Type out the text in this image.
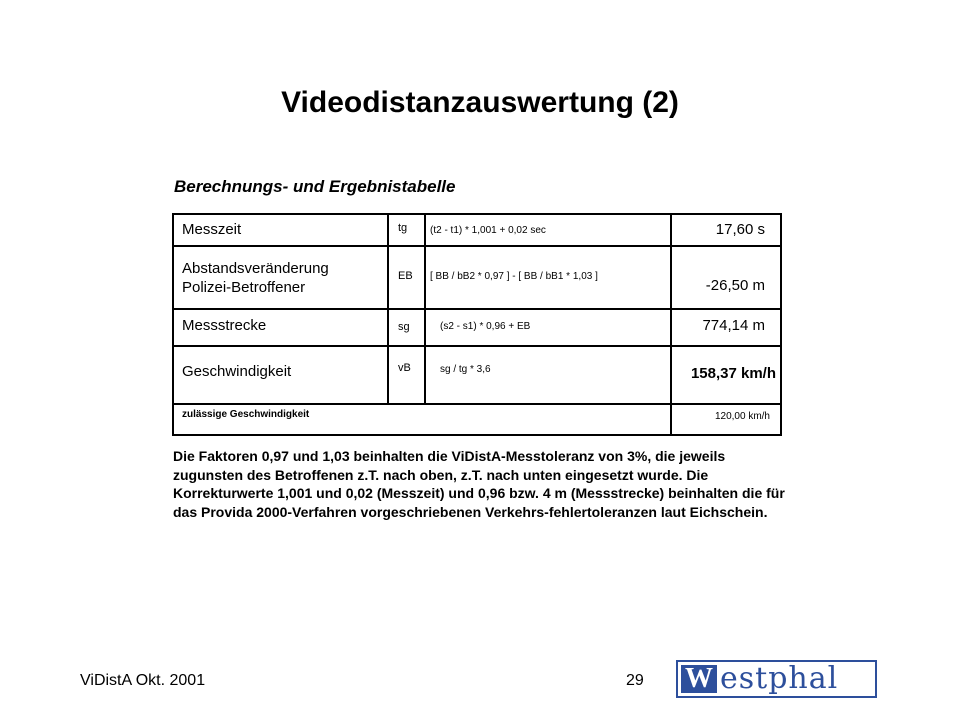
Videodistanzauswertung (2)
Berechnungs- und Ergebnistabelle
Messzeit
Abstandsveränderung
Polizei-Betroffener
Messstrecke
Geschwindigkeit
tg
EB
sg
vB
(t2 - t1) * 1,001 + 0,02 sec
[ BB / bB2 * 0,97 ] - [ BB / bB1 * 1,03 ]
(s2 - s1) * 0,96 + EB
sg / tg * 3,6
17,60 s
-26,50 m
774,14 m
158,37 km/h
zulässige Geschwindigkeit	120,00 km/h
Die Faktoren 0,97 und 1,03 beinhalten die ViDistA-Messtoleranz von 3%, die jeweils zugunsten des Betroffenen z.T. nach oben, z.T. nach unten eingesetzt wurde. Die Korrekturwerte 1,001 und 0,02 (Messzeit) und 0,96 bzw. 4 m (Messstrecke) beinhalten die für das Provida 2000-Verfahren vorgeschriebenen Verkehrs-fehlertoleranzen laut Eichschein.
ViDistA Okt. 2001	29 W estphal
